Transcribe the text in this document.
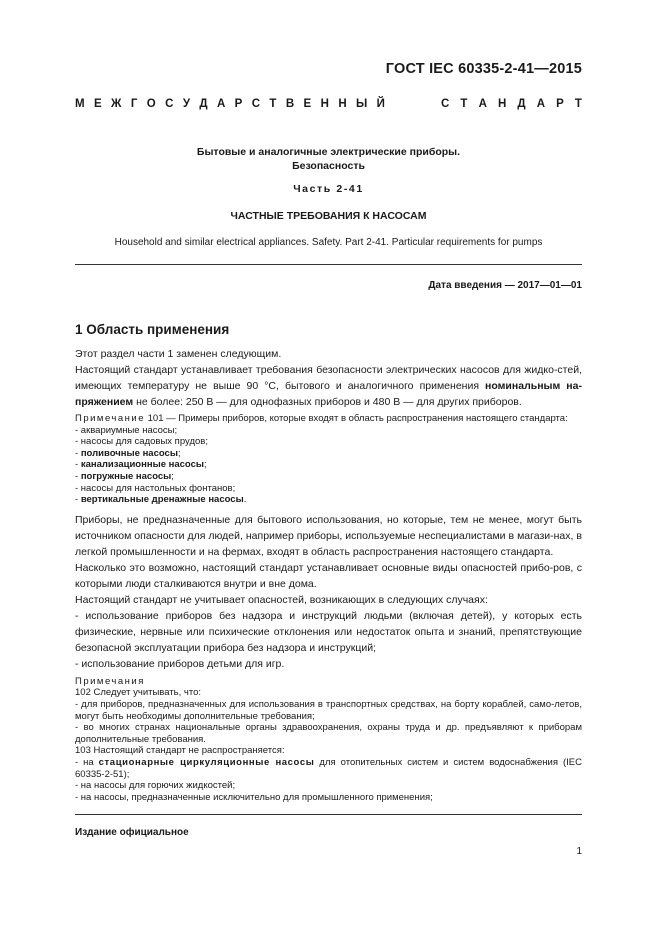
ГОСТ IEC 60335-2-41—2015
М Е Ж Г О С У Д А Р С Т В Е Н Н Ы Й	С Т А Н Д А Р Т
Бытовые и аналогичные электрические приборы.
Безопасность
Часть 2-41
ЧАСТНЫЕ ТРЕБОВАНИЯ К НАСОСАМ
Household and similar electrical appliances. Safety. Part 2-41. Particular requirements for pumps
Дата введения — 2017—01—01
1 Область применения

Этот раздел части 1 заменен следующим.

Настоящий стандарт устанавливает требования безопасности электрических насосов для жидко-стей, имеющих температуру не выше 90 °С, бытового и аналогичного применения номинальным на-пряжением не более: 250 В — для однофазных приборов и 480 В — для других приборов.

Примечание 101 — Примеры приборов, которые входят в область распространения настоящего стандарта:

- аквариумные насосы;

- насосы для садовых прудов;

- поливочные насосы;

- канализационные насосы;

- погружные насосы;

- насосы для настольных фонтанов;

- вертикальные дренажные насосы.

Приборы, не предназначенные для бытового использования, но которые, тем не менее, могут быть источником опасности для людей, например приборы, используемые неспециалистами в магази-нах, в легкой промышленности и на фермах, входят в область распространения настоящего стандарта.

Насколько это возможно, настоящий стандарт устанавливает основные виды опасностей прибо-ров, с которыми люди сталкиваются внутри и вне дома.

Настоящий стандарт не учитывает опасностей, возникающих в следующих случаях:

- использование приборов без надзора и инструкций людьми (включая детей), у которых есть физические, нервные или психические отклонения или недостаток опыта и знаний, препятствующие безопасной эксплуатации прибора без надзора и инструкций;

- использование приборов детьми для игр.

Примечания

102 Следует учитывать, что:

- для приборов, предназначенных для использования в транспортных средствах, на борту кораблей, само-летов, могут быть необходимы дополнительные требования;

- во многих странах национальные органы здравоохранения, охраны труда и др. предъявляют к приборам дополнительные требования.

103 Настоящий стандарт не распространяется:

- на стационарные циркуляционные насосы для отопительных систем и систем водоснабжения (IEC 60335-2-51);

- на насосы для горючих жидкостей;

- на насосы, предназначенные исключительно для промышленного применения;

Издание официальное
1
